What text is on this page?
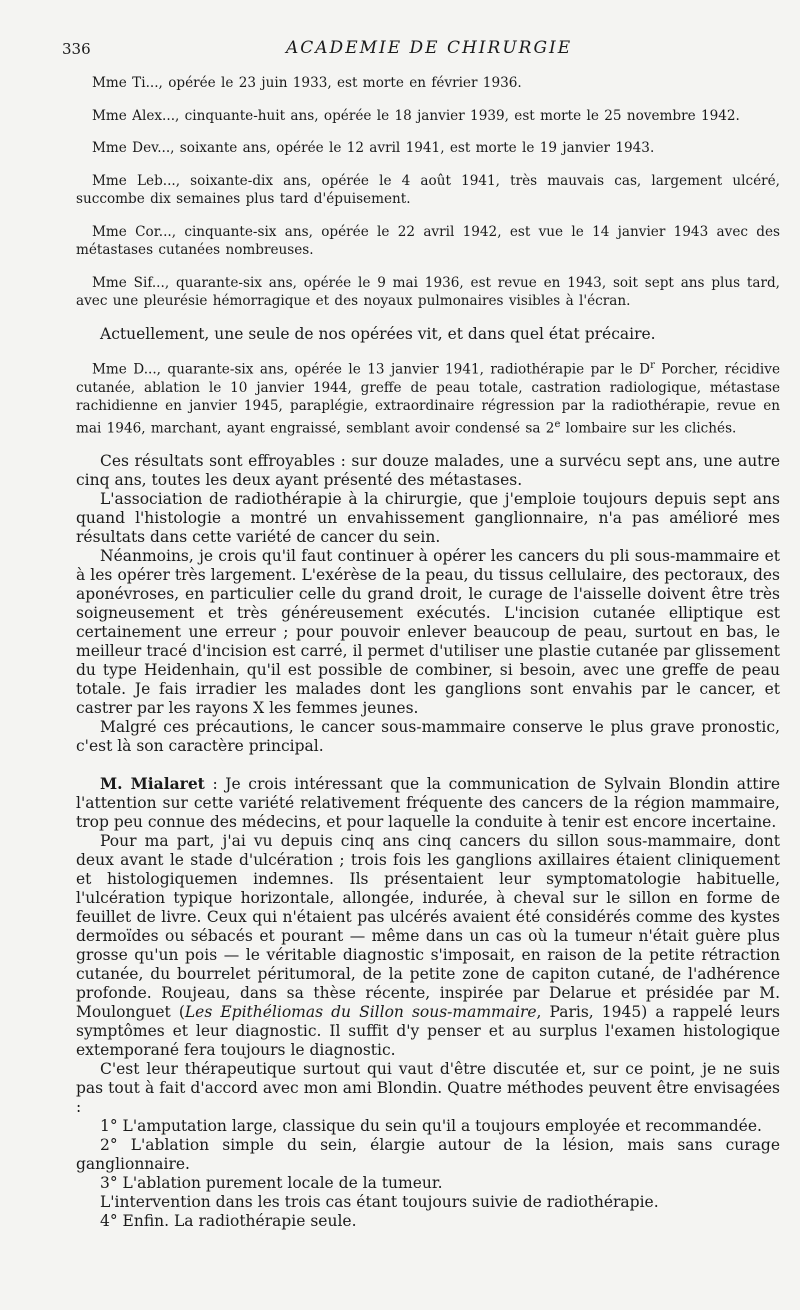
336	ACADEMIE DE CHIRURGIE

Mme Ti..., opérée le 23 juin 1933, est morte en février 1936.

Mme Alex..., cinquante-huit ans, opérée le 18 janvier 1939, est morte le 25 novembre 1942.

Mme Dev..., soixante ans, opérée le 12 avril 1941, est morte le 19 janvier 1943.

Mme Leb..., soixante-dix ans, opérée le 4 août 1941, très mauvais cas, largement ulcéré, succombe dix semaines plus tard d'épuisement.

Mme Cor..., cinquante-six ans, opérée le 22 avril 1942, est vue le 14 janvier 1943 avec des métastases cutanées nombreuses.

Mme Sif..., quarante-six ans, opérée le 9 mai 1936, est revue en 1943, soit sept ans plus tard, avec une pleurésie hémorragique et des noyaux pulmonaires visibles à l'écran.

Actuellement, une seule de nos opérées vit, et dans quel état précaire.

Mme D..., quarante-six ans, opérée le 13 janvier 1941, radiothérapie par le $D^r$ Porcher, récidive cutanée, ablation le 10 janvier 1944, greffe de peau totale, castration radiologique, métastase rachidienne en janvier 1945, paraplégie, extraordinaire régression par la radiothérapie, revue en mai 1946, marchant, ayant engraissé, semblant avoir condensé sa 2e lombaire sur les clichés.

Ces résultats sont effroyables : sur douze malades, une a survécu sept ans, une autre cinq ans, toutes les deux ayant présenté des métastases.

L'association de radiothérapie à la chirurgie, que j'emploie toujours depuis sept ans quand l'histologie a montré un envahissement ganglionnaire, n'a pas amélioré mes résultats dans cette variété de cancer du sein.

Néanmoins, je crois qu'il faut continuer à opérer les cancers du pli sous-mammaire et à les opérer très largement. L'exérèse de la peau, du tissus cellulaire, des pectoraux, des aponévroses, en particulier celle du grand droit, le curage de l'aisselle doivent être très soigneusement et très généreusement exécutés. L'incision cutanée elliptique est certainement une erreur ; pour pouvoir enlever beaucoup de peau, surtout en bas, le meilleur tracé d'incision est carré, il permet d'utiliser une plastie cutanée par glissement du type Heidenhain, qu'il est possible de combiner, si besoin, avec une greffe de peau totale. Je fais irradier les malades dont les ganglions sont envahis par le cancer, et castrer par les rayons X les femmes jeunes.

Malgré ces précautions, le cancer sous-mammaire conserve le plus grave pronostic, c'est là son caractère principal.

M. Mialaret : Je crois intéressant que la communication de Sylvain Blondin attire l'attention sur cette variété relativement fréquente des cancers de la région mammaire, trop peu connue des médecins, et pour laquelle la conduite à tenir est encore incertaine.

Pour ma part, j'ai vu depuis cinq ans cinq cancers du sillon sous-mammaire, dont deux avant le stade d'ulcération ; trois fois les ganglions axillaires étaient cliniquement et histologiquemen indemnes. Ils présentaient leur symptomatologie habituelle, l'ulcération typique horizontale, allongée, indurée, à cheval sur le sillon en forme de feuillet de livre. Ceux qui n'étaient pas ulcérés avaient été considérés comme des kystes dermoïdes ou sébacés et pourant — même dans un cas où la tumeur n'était guère plus grosse qu'un pois — le véritable diagnostic s'imposait, en raison de la petite rétraction cutanée, du bourrelet péritumoral, de la petite zone de capiton cutané, de l'adhérence profonde. Roujeau, dans sa thèse récente, inspirée par Delarue et présidée par M. Moulonguet (Les Epithéliomas du Sillon sous-mammaire, Paris, 1945) a rappelé leurs symptômes et leur diagnostic. Il suffit d'y penser et au surplus l'examen histologique extemporané fera toujours le diagnostic.

C'est leur thérapeutique surtout qui vaut d'être discutée et, sur ce point, je ne suis pas tout à fait d'accord avec mon ami Blondin. Quatre méthodes peuvent être envisagées :

1° L'amputation large, classique du sein qu'il a toujours employée et recommandée.

2° L'ablation simple du sein, élargie autour de la lésion, mais sans curage ganglionnaire.

3° L'ablation purement locale de la tumeur.

L'intervention dans les trois cas étant toujours suivie de radiothérapie.

4° Enfin. La radiothérapie seule.
